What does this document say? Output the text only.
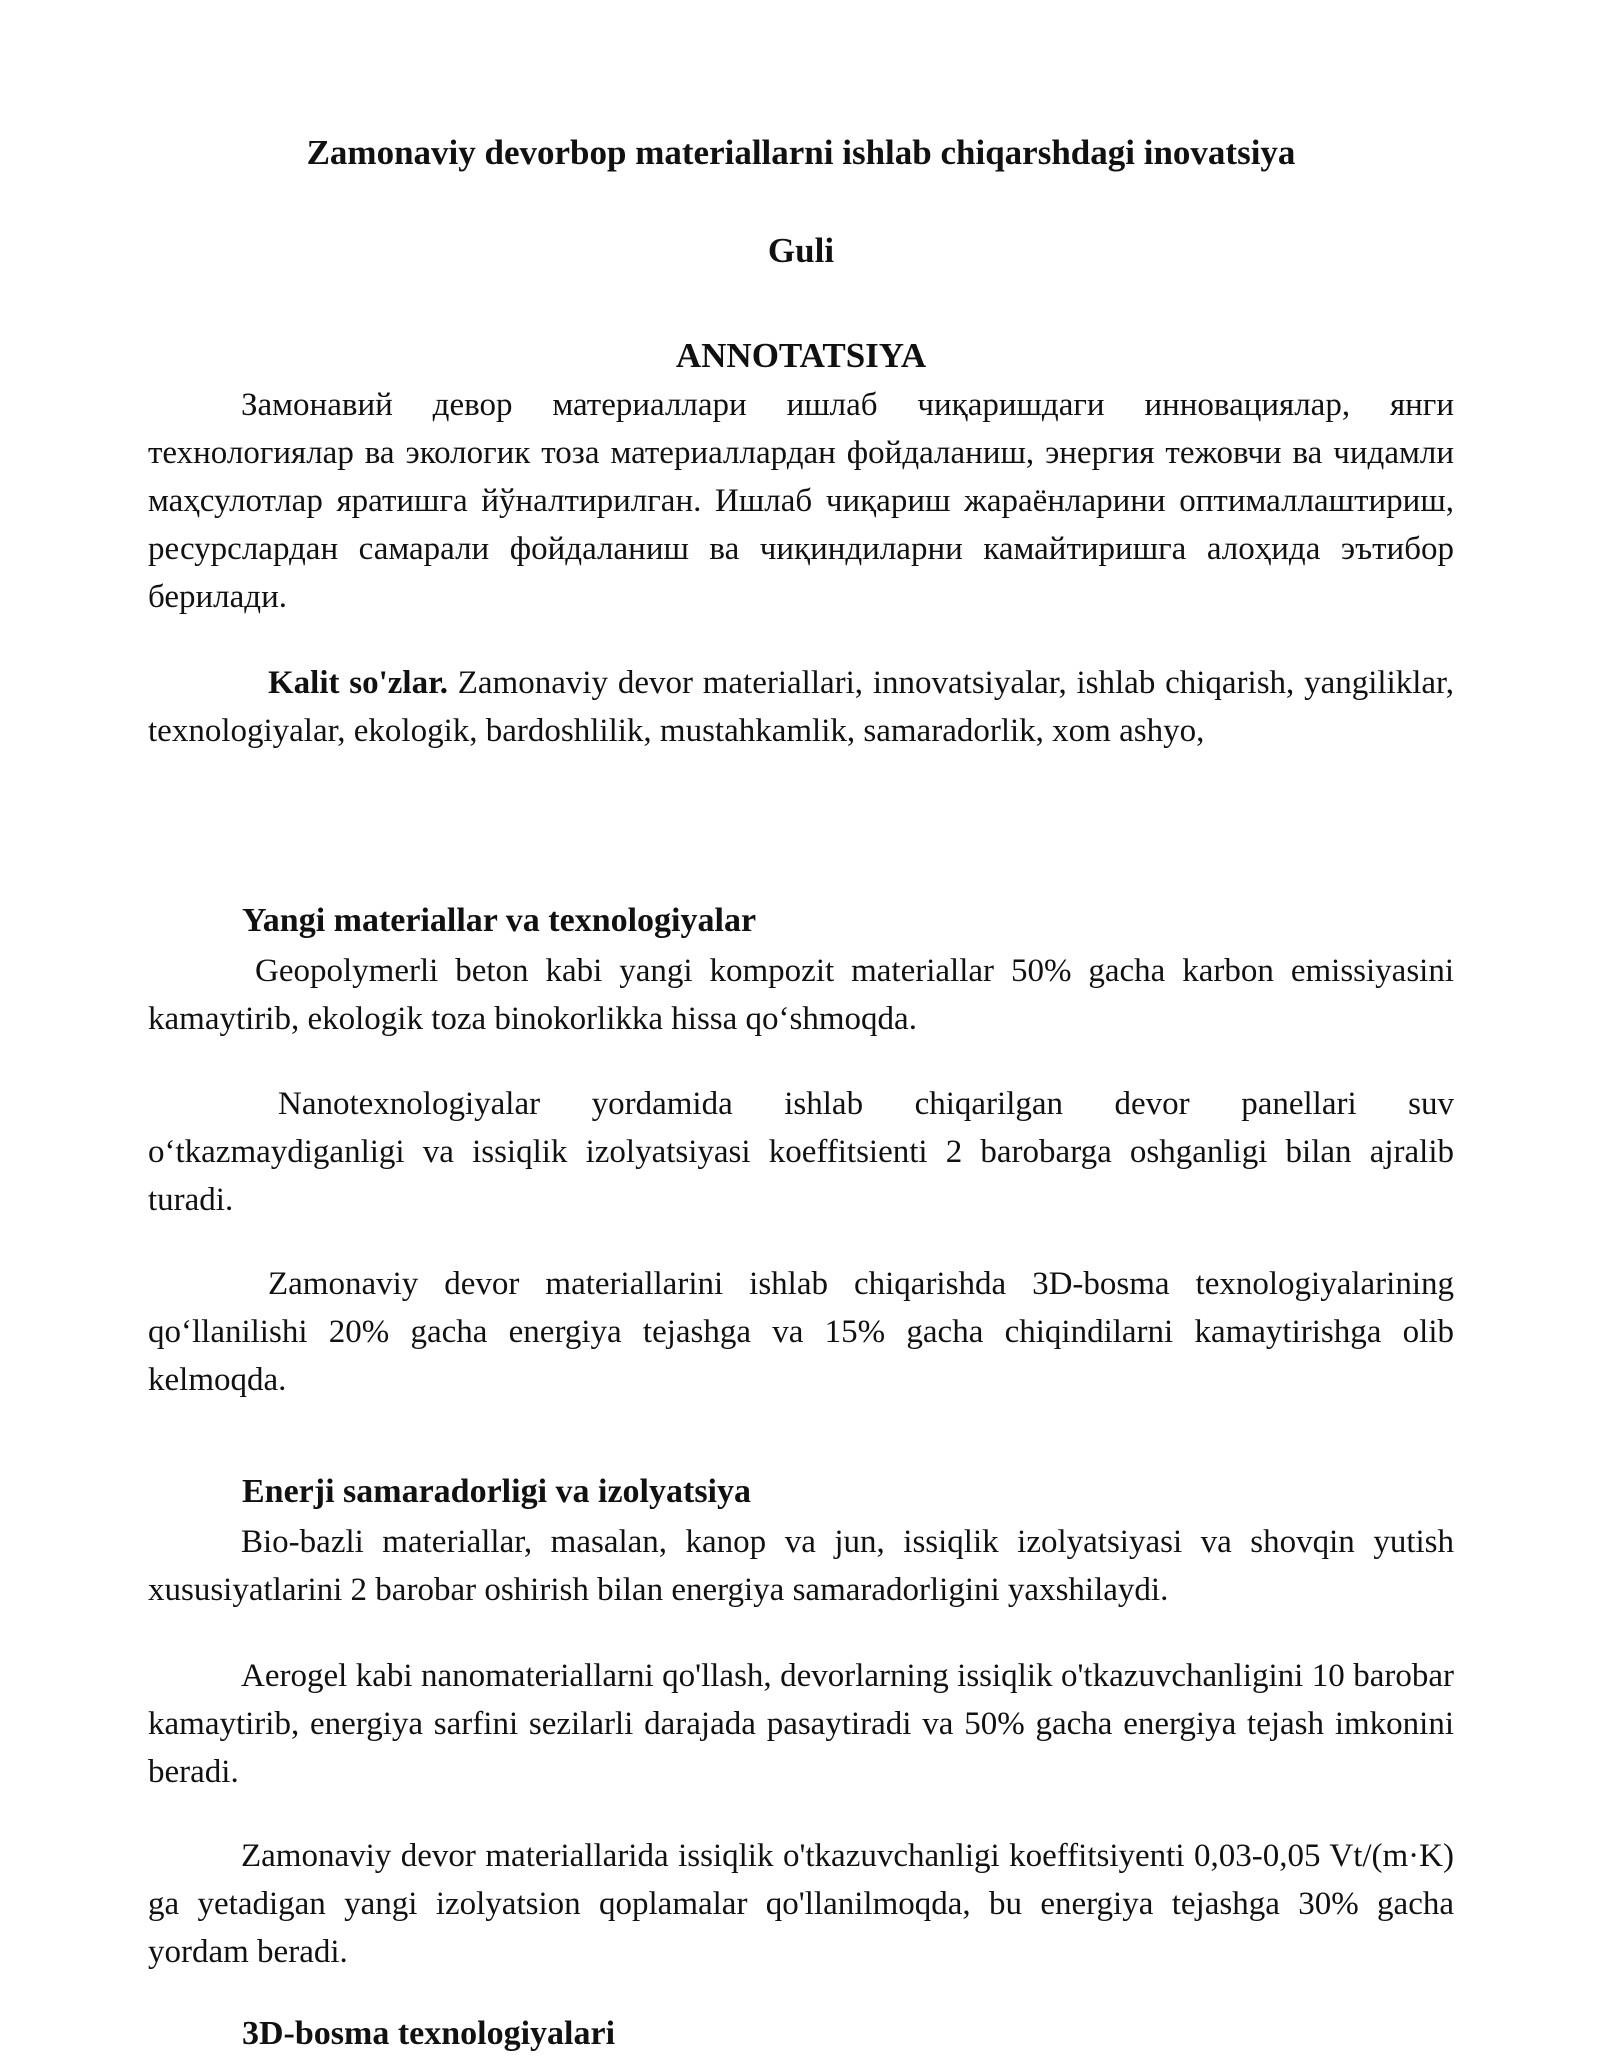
Zamonaviy devorbop materiallarni ishlab chiqarshdagi inovatsiya
Guli
ANNOTATSIYA

Замонавий девор материаллари ишлаб чиқаришдаги инновациялар, янги технологиялар ва экологик тоза материаллардан фойдаланиш, энергия тежовчи ва чидамли маҳсулотлар яратишга йўналтирилган. Ишлаб чиқариш жараёнларини оптималлаштириш, ресурслардан самарали фойдаланиш ва чиқиндиларни камайтиришга алоҳида эътибор берилади.

Kalit so'zlar. Zamonaviy devor materiallari, innovatsiyalar, ishlab chiqarish, yangiliklar, texnologiyalar, ekologik, bardoshlilik, mustahkamlik, samaradorlik, xom ashyo,

Yangi materiallar va texnologiyalar

Geopolymerli beton kabi yangi kompozit materiallar 50% gacha karbon emissiyasini kamaytirib, ekologik toza binokorlikka hissa qo‘shmoqda.

Nanotexnologiyalar yordamida ishlab chiqarilgan devor panellari suv o‘tkazmaydiganligi va issiqlik izolyatsiyasi koeffitsienti 2 barobarga oshganligi bilan ajralib turadi.

Zamonaviy devor materiallarini ishlab chiqarishda 3D-bosma texnologiyalarining qo‘llanilishi 20% gacha energiya tejashga va 15% gacha chiqindilarni kamaytirishga olib kelmoqda.

Enerji samaradorligi va izolyatsiya

Bio-bazli materiallar, masalan, kanop va jun, issiqlik izolyatsiyasi va shovqin yutish xususiyatlarini 2 barobar oshirish bilan energiya samaradorligini yaxshilaydi.

Aerogel kabi nanomateriallarni qo'llash, devorlarning issiqlik o'tkazuvchanligini 10 barobar kamaytirib, energiya sarfini sezilarli darajada pasaytiradi va 50% gacha energiya tejash imkonini beradi.

Zamonaviy devor materiallarida issiqlik o'tkazuvchanligi koeffitsiyenti 0,03-0,05 Vt/(m·K) ga yetadigan yangi izolyatsion qoplamalar qo'llanilmoqda, bu energiya tejashga 30% gacha yordam beradi.

3D-bosma texnologiyalari
